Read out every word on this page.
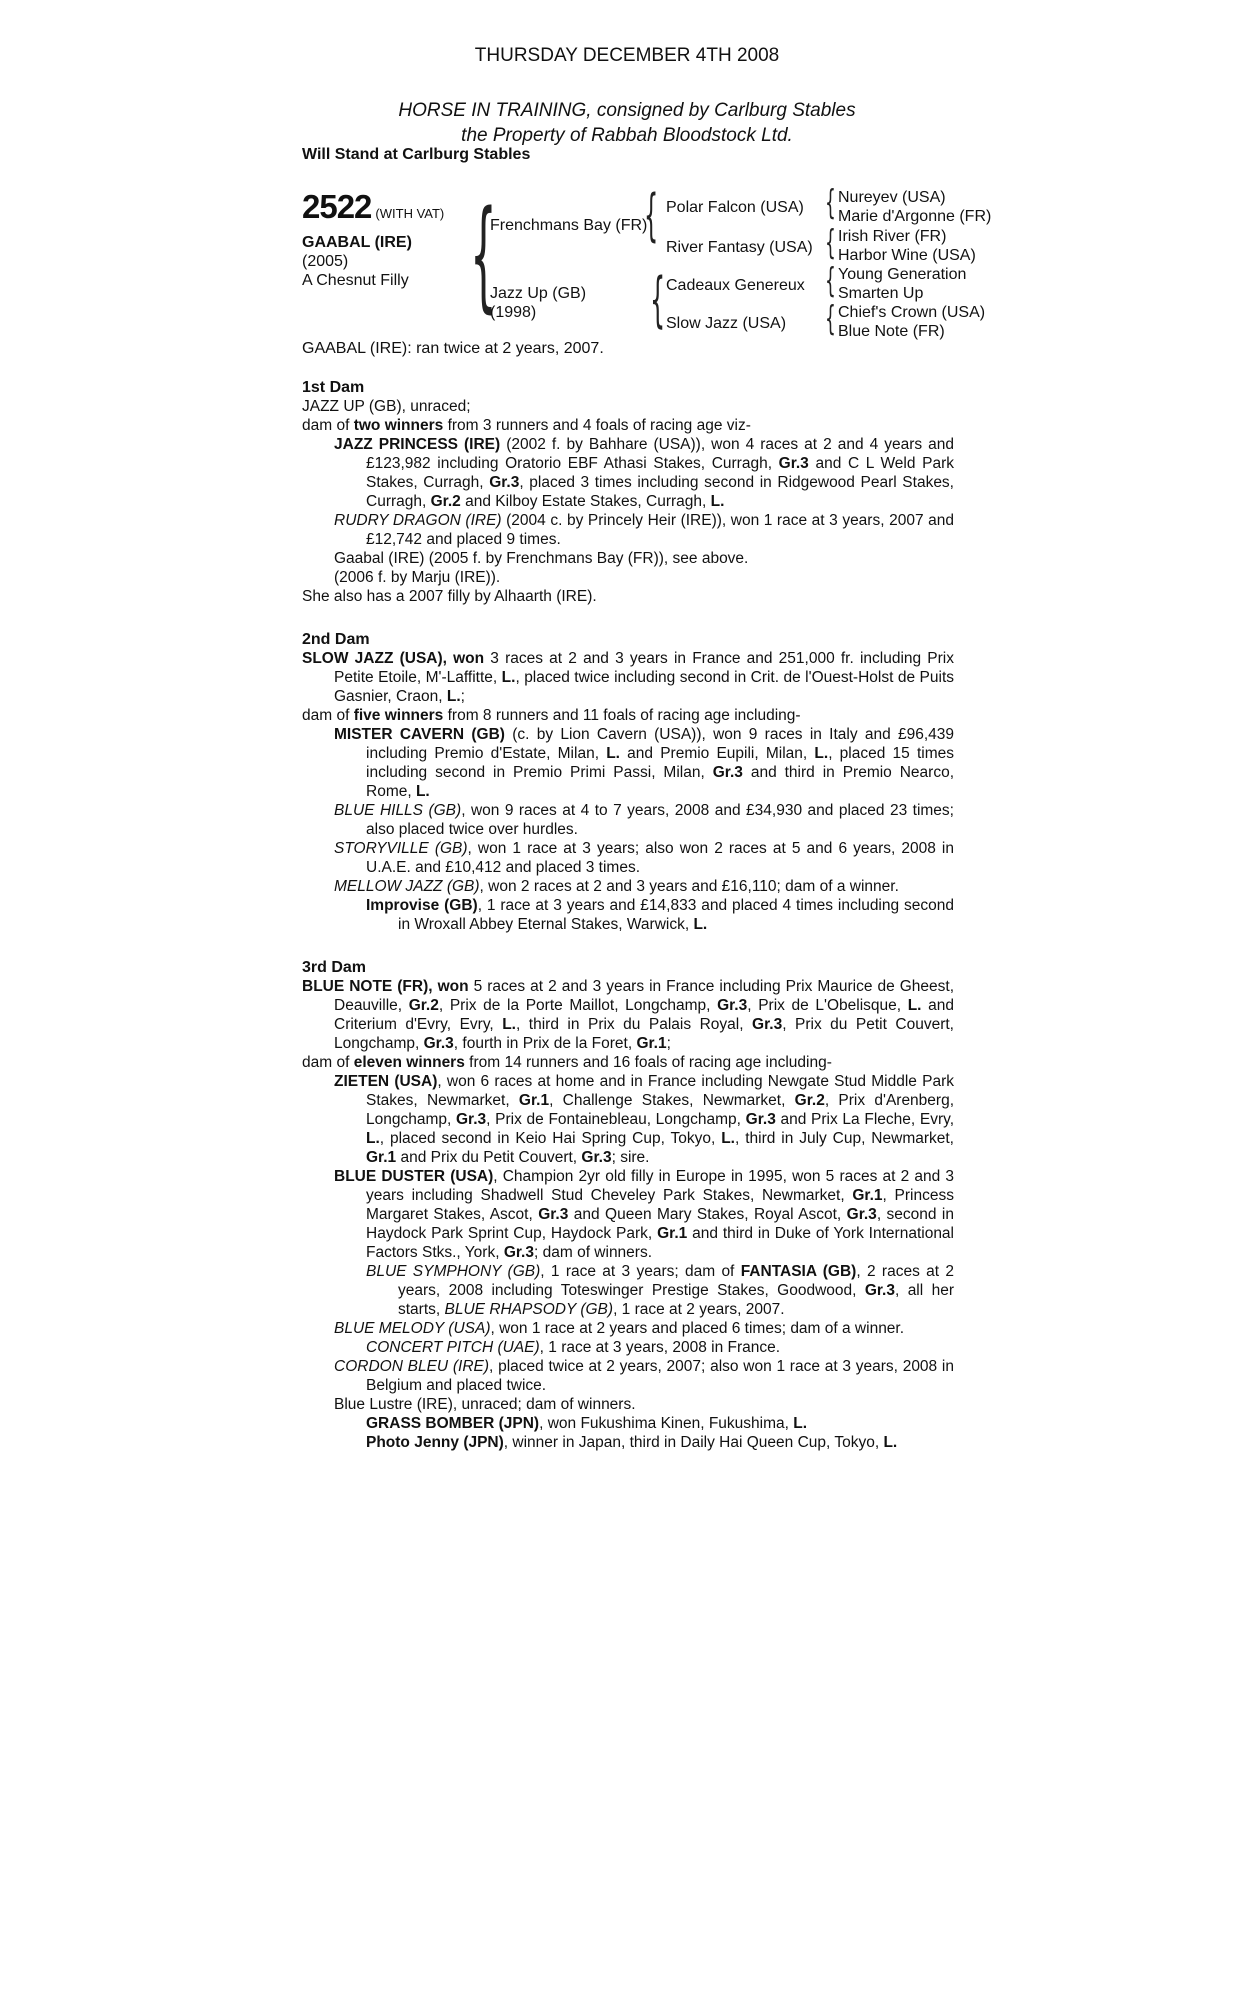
THURSDAY DECEMBER 4TH 2008
HORSE IN TRAINING, consigned by Carlburg Stables
the Property of Rabbah Bloodstock Ltd.
Will Stand at Carlburg Stables
2522 (WITH VAT)
GAABAL (IRE)
(2005)
A Chesnut Filly {
Frenchmans Bay (FR)
Jazz Up (GB)
(1998)
{ Polar Falcon (USA)
River Fantasy (USA)
{ Cadeaux Genereux
Slow Jazz (USA)
{ Nureyev (USA)
Marie d'Argonne (FR)
{ Irish River (FR)
Harbor Wine (USA)
{ Young Generation
Smarten Up
{ Chief's Crown (USA)
Blue Note (FR)
GAABAL (IRE): ran twice at 2 years, 2007.
1st Dam

JAZZ UP (GB), unraced;

dam of two winners from 3 runners and 4 foals of racing age viz-

JAZZ PRINCESS (IRE) (2002 f. by Bahhare (USA)), won 4 races at 2 and 4 years and £123,982 including Oratorio EBF Athasi Stakes, Curragh, Gr.3 and C L Weld Park Stakes, Curragh, Gr.3, placed 3 times including second in Ridgewood Pearl Stakes, Curragh, Gr.2 and Kilboy Estate Stakes, Curragh, L.

RUDRY DRAGON (IRE) (2004 c. by Princely Heir (IRE)), won 1 race at 3 years, 2007 and £12,742 and placed 9 times.

Gaabal (IRE) (2005 f. by Frenchmans Bay (FR)), see above.

(2006 f. by Marju (IRE)).

She also has a 2007 filly by Alhaarth (IRE).

2nd Dam

SLOW JAZZ (USA), won 3 races at 2 and 3 years in France and 251,000 fr. including Prix Petite Etoile, M'-Laffitte, L., placed twice including second in Crit. de l'Ouest-Holst de Puits Gasnier, Craon, L.;

dam of five winners from 8 runners and 11 foals of racing age including-

MISTER CAVERN (GB) (c. by Lion Cavern (USA)), won 9 races in Italy and £96,439 including Premio d'Estate, Milan, L. and Premio Eupili, Milan, L., placed 15 times including second in Premio Primi Passi, Milan, Gr.3 and third in Premio Nearco, Rome, L.

BLUE HILLS (GB), won 9 races at 4 to 7 years, 2008 and £34,930 and placed 23 times; also placed twice over hurdles.

STORYVILLE (GB), won 1 race at 3 years; also won 2 races at 5 and 6 years, 2008 in U.A.E. and £10,412 and placed 3 times.

MELLOW JAZZ (GB), won 2 races at 2 and 3 years and £16,110; dam of a winner.

Improvise (GB), 1 race at 3 years and £14,833 and placed 4 times including second in Wroxall Abbey Eternal Stakes, Warwick, L.

3rd Dam

BLUE NOTE (FR), won 5 races at 2 and 3 years in France including Prix Maurice de Gheest, Deauville, Gr.2, Prix de la Porte Maillot, Longchamp, Gr.3, Prix de L'Obelisque, L. and Criterium d'Evry, Evry, L., third in Prix du Palais Royal, Gr.3, Prix du Petit Couvert, Longchamp, Gr.3, fourth in Prix de la Foret, Gr.1;

dam of eleven winners from 14 runners and 16 foals of racing age including-

ZIETEN (USA), won 6 races at home and in France including Newgate Stud Middle Park Stakes, Newmarket, Gr.1, Challenge Stakes, Newmarket, Gr.2, Prix d'Arenberg, Longchamp, Gr.3, Prix de Fontainebleau, Longchamp, Gr.3 and Prix La Fleche, Evry, L., placed second in Keio Hai Spring Cup, Tokyo, L., third in July Cup, Newmarket, Gr.1 and Prix du Petit Couvert, Gr.3; sire.

BLUE DUSTER (USA), Champion 2yr old filly in Europe in 1995, won 5 races at 2 and 3 years including Shadwell Stud Cheveley Park Stakes, Newmarket, Gr.1, Princess Margaret Stakes, Ascot, Gr.3 and Queen Mary Stakes, Royal Ascot, Gr.3, second in Haydock Park Sprint Cup, Haydock Park, Gr.1 and third in Duke of York International Factors Stks., York, Gr.3; dam of winners.

BLUE SYMPHONY (GB), 1 race at 3 years; dam of FANTASIA (GB), 2 races at 2 years, 2008 including Toteswinger Prestige Stakes, Goodwood, Gr.3, all her starts, BLUE RHAPSODY (GB), 1 race at 2 years, 2007.

BLUE MELODY (USA), won 1 race at 2 years and placed 6 times; dam of a winner.

CONCERT PITCH (UAE), 1 race at 3 years, 2008 in France.

CORDON BLEU (IRE), placed twice at 2 years, 2007; also won 1 race at 3 years, 2008 in Belgium and placed twice.

Blue Lustre (IRE), unraced; dam of winners.

GRASS BOMBER (JPN), won Fukushima Kinen, Fukushima, L.

Photo Jenny (JPN), winner in Japan, third in Daily Hai Queen Cup, Tokyo, L.
